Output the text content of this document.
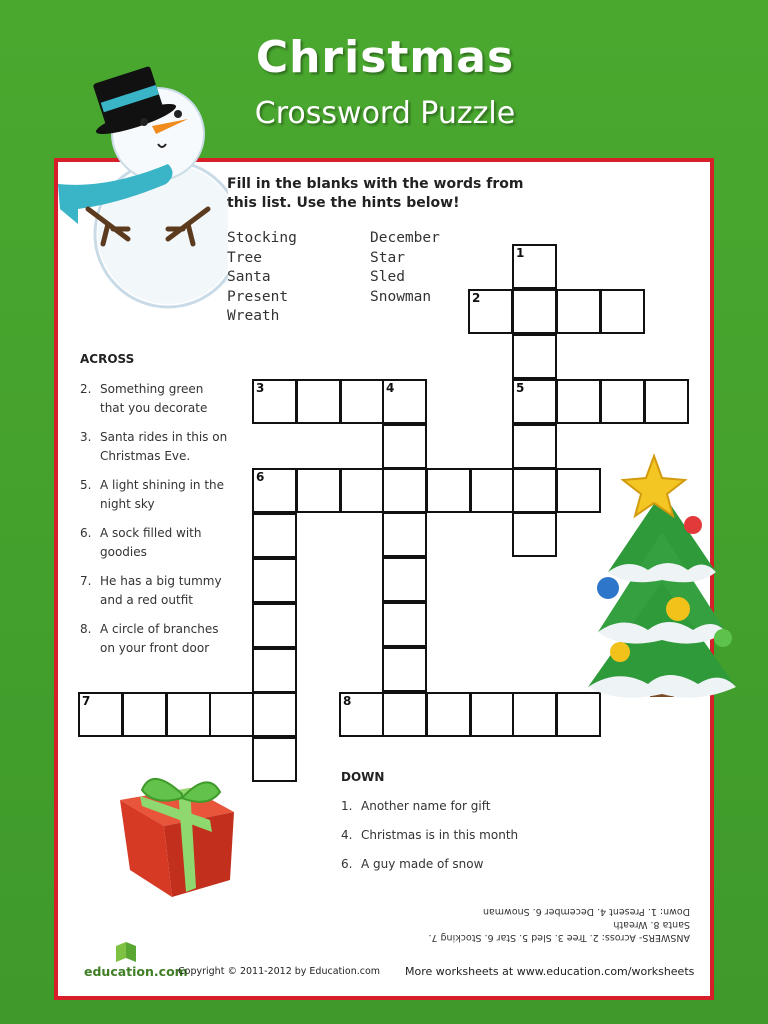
Christmas
Crossword Puzzle
Fill in the blanks with the words from this list. Use the hints below!
Stocking
Tree
Santa
Present
Wreath
December
Star
Sled
Snowman
ACROSS
2. Something green that you decorate
3. Santa rides in this on Christmas Eve.
5. A light shining in the night sky
6. A sock filled with goodies
7. He has a big tummy and a red outfit
8. A circle of branches on your front door
1
2
3	4	5
6
7	8
DOWN
1. Another name for gift
4. Christmas is in this month
6. A guy made of snow
ANSWERS- Across: 2. Tree 3. Sled 5. Star 6. Stocking 7. Santa 8. Wreath
Down: 1. Present 4. December 6. Snowman
education.com
Copyright © 2011-2012 by Education.com More worksheets at www.education.com/worksheets
